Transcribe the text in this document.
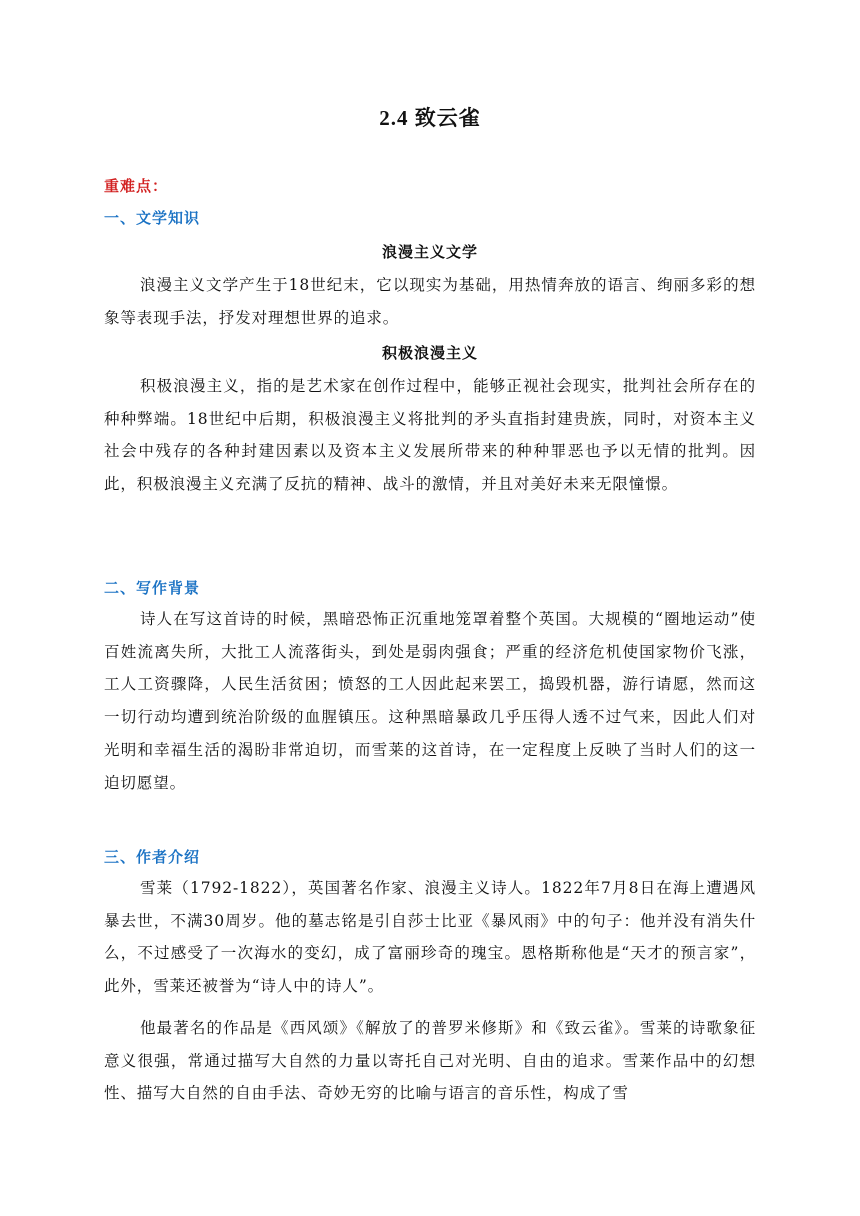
2.4 致云雀
重难点：
一、文学知识
浪漫主义文学
浪漫主义文学产生于18世纪末，它以现实为基础，用热情奔放的语言、绚丽多彩的想象等表现手法，抒发对理想世界的追求。
积极浪漫主义
积极浪漫主义，指的是艺术家在创作过程中，能够正视社会现实，批判社会所存在的种种弊端。18世纪中后期，积极浪漫主义将批判的矛头直指封建贵族，同时，对资本主义社会中残存的各种封建因素以及资本主义发展所带来的种种罪恶也予以无情的批判。因此，积极浪漫主义充满了反抗的精神、战斗的激情，并且对美好未来无限憧憬。
二、写作背景
诗人在写这首诗的时候，黑暗恐怖正沉重地笼罩着整个英国。大规模的“圈地运动”使百姓流离失所，大批工人流落街头，到处是弱肉强食；严重的经济危机使国家物价飞涨，工人工资骤降，人民生活贫困；愤怒的工人因此起来罢工，捣毁机器，游行请愿，然而这一切行动均遭到统治阶级的血腥镇压。这种黑暗暴政几乎压得人透不过气来，因此人们对光明和幸福生活的渴盼非常迫切，而雪莱的这首诗，在一定程度上反映了当时人们的这一迫切愿望。
三、作者介绍
雪莱（1792-1822），英国著名作家、浪漫主义诗人。1822年7月8日在海上遭遇风暴去世，不满30周岁。他的墓志铭是引自莎士比亚《暴风雨》中的句子：他并没有消失什么，不过感受了一次海水的变幻，成了富丽珍奇的瑰宝。恩格斯称他是“天才的预言家”，此外，雪莱还被誉为“诗人中的诗人”。
他最著名的作品是《西风颂》《解放了的普罗米修斯》和《致云雀》。雪莱的诗歌象征意义很强，常通过描写大自然的力量以寄托自己对光明、自由的追求。雪莱作品中的幻想性、描写大自然的自由手法、奇妙无穷的比喻与语言的音乐性，构成了雪
